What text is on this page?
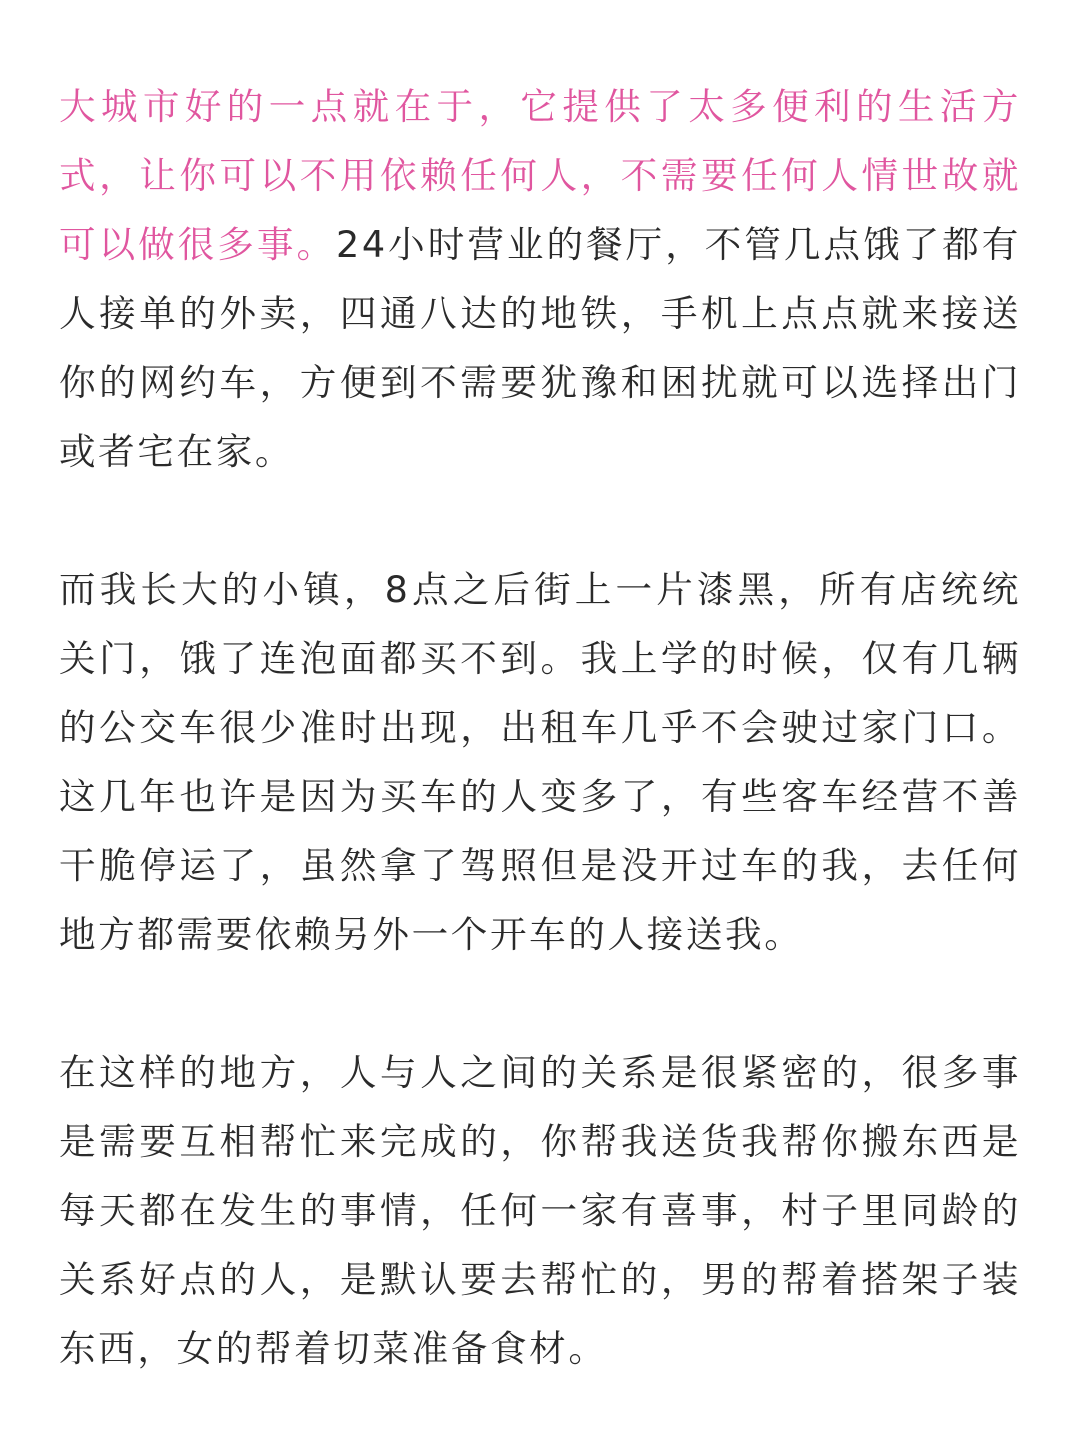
大城市好的一点就在于，它提供了太多便利的生活方式，让你可以不用依赖任何人，不需要任何人情世故就可以做很多事。24小时营业的餐厅，不管几点饿了都有人接单的外卖，四通八达的地铁，手机上点点就来接送你的网约车，方便到不需要犹豫和困扰就可以选择出门或者宅在家。

而我长大的小镇，8点之后街上一片漆黑，所有店统统关门，饿了连泡面都买不到。我上学的时候，仅有几辆的公交车很少准时出现，出租车几乎不会驶过家门口。这几年也许是因为买车的人变多了，有些客车经营不善干脆停运了，虽然拿了驾照但是没开过车的我，去任何地方都需要依赖另外一个开车的人接送我。

在这样的地方，人与人之间的关系是很紧密的，很多事是需要互相帮忙来完成的，你帮我送货我帮你搬东西是每天都在发生的事情，任何一家有喜事，村子里同龄的关系好点的人，是默认要去帮忙的，男的帮着搭架子装东西，女的帮着切菜准备食材。
